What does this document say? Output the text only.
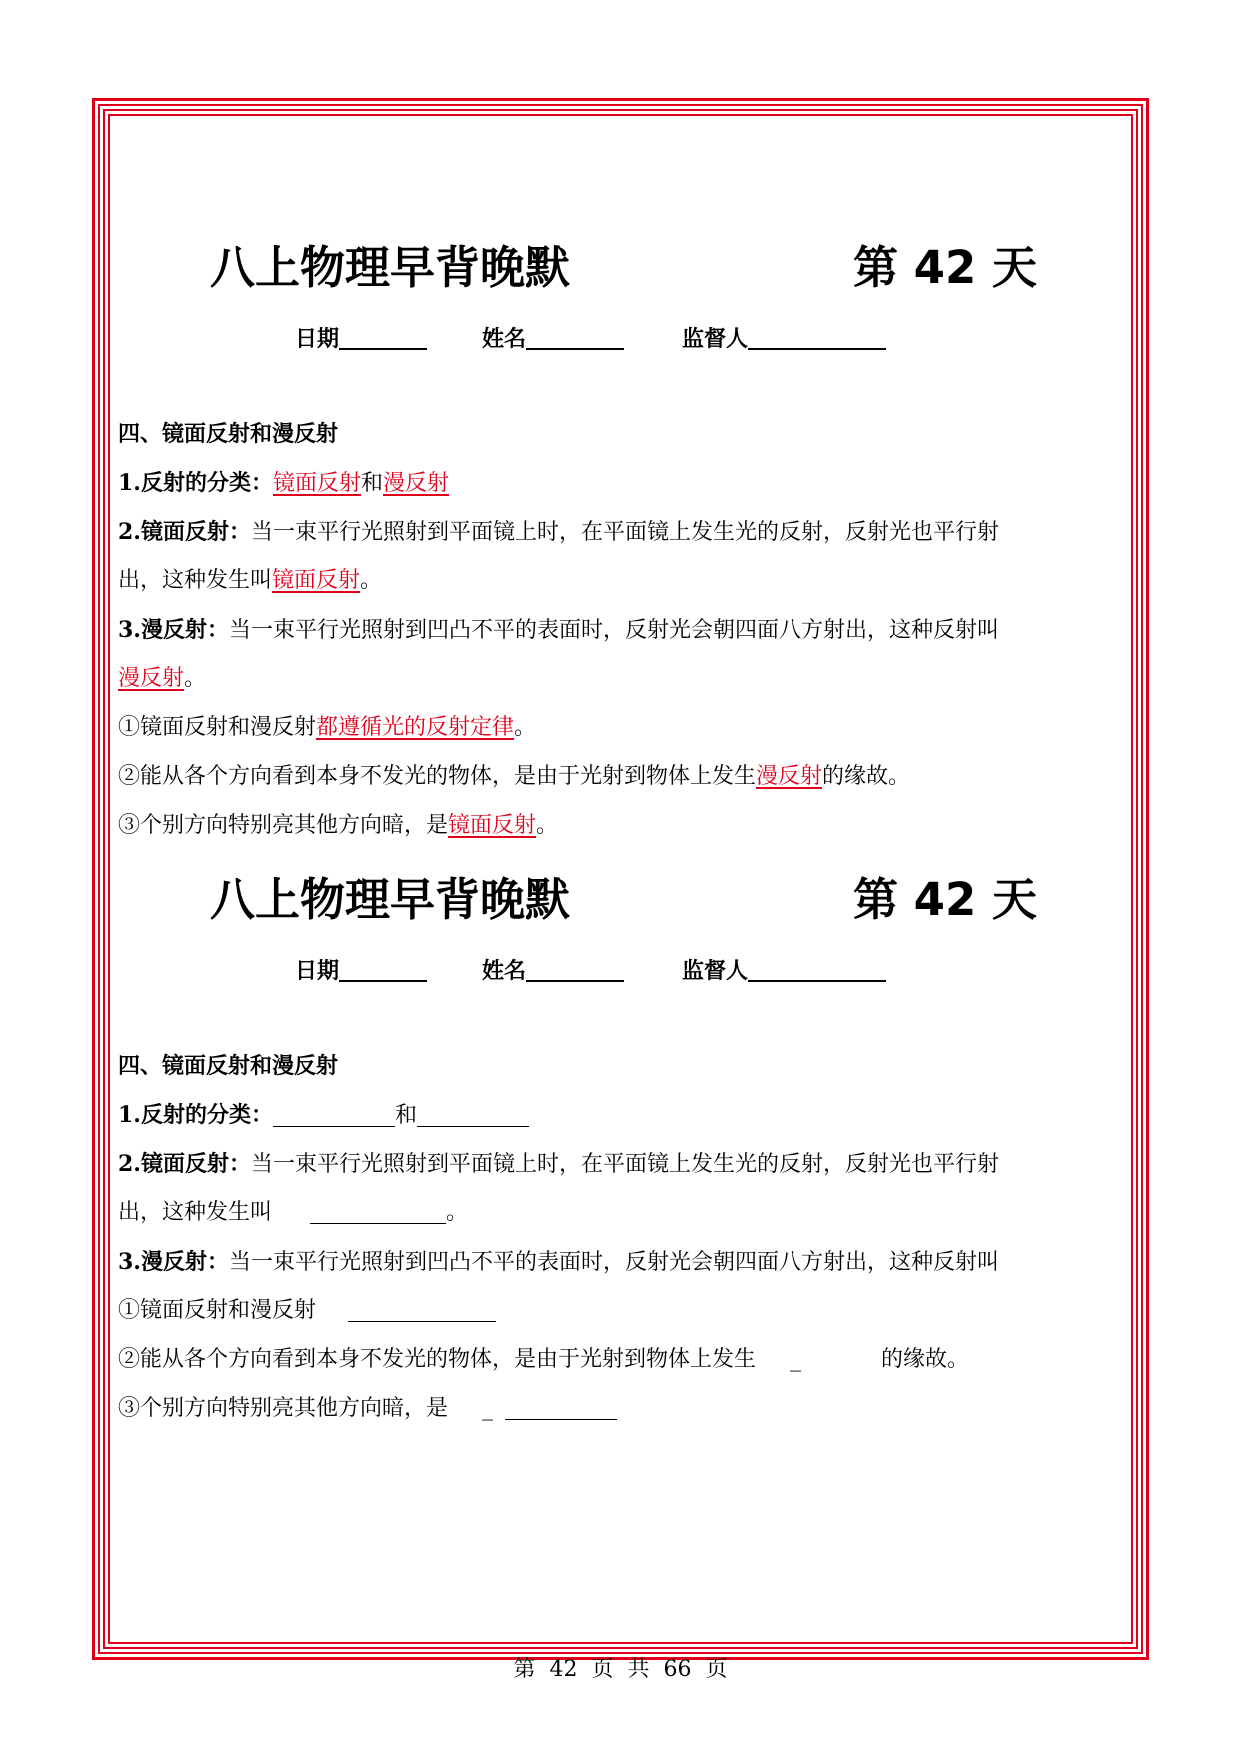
八上物理早背晚默	第 42 天
日期	姓名	监督人
四、镜面反射和漫反射
1.反射的分类：镜面反射和漫反射
2.镜面反射：当一束平行光照射到平面镜上时，在平面镜上发生光的反射，反射光也平行射
出，这种发生叫镜面反射。
3.漫反射：当一束平行光照射到凹凸不平的表面时，反射光会朝四面八方射出，这种反射叫
漫反射。
①镜面反射和漫反射都遵循光的反射定律。
②能从各个方向看到本身不发光的物体，是由于光射到物体上发生漫反射的缘故。
③个别方向特别亮其他方向暗，是镜面反射。
八上物理早背晚默	第 42 天
日期	姓名	监督人
四、镜面反射和漫反射
1.反射的分类：	和
2.镜面反射：当一束平行光照射到平面镜上时，在平面镜上发生光的反射，反射光也平行射
出，这种发生叫	。
3.漫反射：当一束平行光照射到凹凸不平的表面时，反射光会朝四面八方射出，这种反射叫
①镜面反射和漫反射
②能从各个方向看到本身不发光的物体，是由于光射到物体上发生 _	的缘故。
③个别方向特别亮其他方向暗，是 _
第  42  页  共  66  页
